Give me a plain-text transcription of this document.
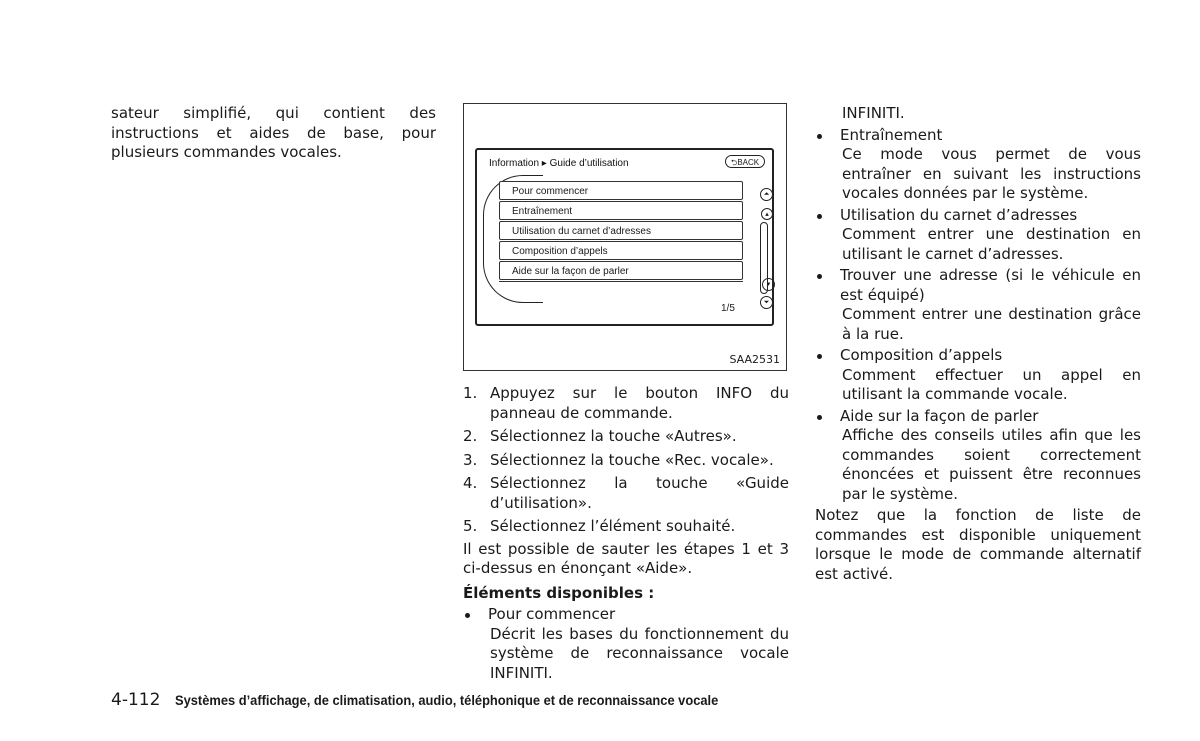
sateur simplifié, qui contient des instructions et aides de base, pour plusieurs commandes vocales.

Information ▸ Guide d’utilisation	⮌BACK
Pour commencer
Entraînement
Utilisation du carnet d’adresses
Composition d’appels
Aide sur la façon de parler
⏶
▴
▾
⏷
1/5
SAA2531
1. Appuyez sur le bouton INFO du panneau de commande.
2. Sélectionnez la touche «Autres».
3. Sélectionnez la touche «Rec. vocale».
4. Sélectionnez la touche «Guide d’utilisation».
5. Sélectionnez l’élément souhaité.

Il est possible de sauter les étapes 1 et 3 ci-dessus en énonçant «Aide».

Éléments disponibles :
Pour commencer

Décrit les bases du fonctionnement du système de reconnaissance vocale INFINITI.

INFINITI.

Entraînement

Ce mode vous permet de vous entraîner en suivant les instructions vocales données par le système.

Utilisation du carnet d’adresses

Comment entrer une destination en utilisant le carnet d’adresses.

Trouver une adresse (si le véhicule en est équipé)

Comment entrer une destination grâce à la rue.

Composition d’appels

Comment effectuer un appel en utilisant la commande vocale.

Aide sur la façon de parler

Affiche des conseils utiles afin que les commandes soient correctement énoncées et puissent être reconnues par le système.

Notez que la fonction de liste de commandes est disponible uniquement lorsque le mode de commande alternatif est activé.

4-112 Systèmes d’affichage, de climatisation, audio, téléphonique et de reconnaissance vocale
